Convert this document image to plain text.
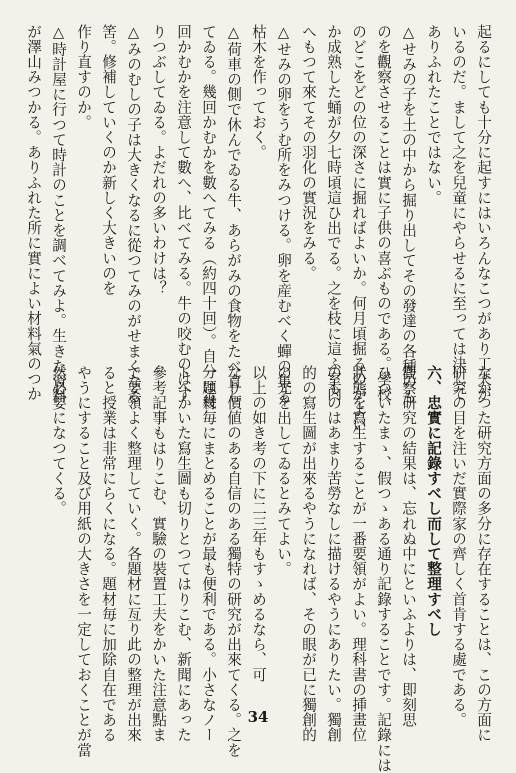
起るにしても十分に起すにはいろんなこつがあり工夫が
いるのだ。まして之を兒童にやらせるに至っては決して
ありふれたことではない。
△せみの子を土の中から掘り出してその發達の各種のも
のを觀察させることは實に子供の喜ぶものである。學校
のどこをどの位の深さに掘ればよいか。何月頃掘るのがよい
か成熟した蛹が夕七時頃這ひ出でる。之を枝に這ふ室内
へもつて來てその羽化の實況をみる。
△せみの卵をうむ所をみつける。卵を産むべく蟬の集る
枯木を作っておく。
△荷車の側で休んでゐる牛、あらがみの食物をたべ直し
てゐる。幾回かむかを數へてみる（約四十回）。自分は幾
回かむかを注意して數へ、比べてみる。牛の咬むのはす
りつぶしてゐる。よだれの多いわけは？
△みのむしの子は大きくなるに從つてみのがせまくなる
筈。修補していくのか新しく大きいのを
作り直すのか。
△時計屋に行つて時計のことを調べてみよ。生きた資料
が澤山みつかる。ありふれた所に實によい材料氣のつか
なかつた研究方面の多分に存在することは、この方面に
研究の目を注いだ實際家の齊しく首肯する處である。
六、忠實に記錄すべし而して整理すべし
觀察研究の結果は、忘れぬ中にといふよりは、即刻思
ひついたまゝ、假つゝある通り記錄することです。記錄には
狀態を寫生することが一番要領がよい。理科書の挿畫位
のものはあまり苦勞なしに描けるやうにありたい。獨創
的の寫生圖が出來るやうになれば、その眼が已に獨創的
の光を出してゐるとみてよい。
以上の如き考の下に二三年もすゝめるなら、可
なり價値のある自信のある獨特の研究が出來てくる。之を
一題材毎にまとめることが最も便利である。小さなノー
トへかいた寫生圖も切りとつてはりこむ、新聞にあった
參考記事もはりこむ、實驗の裝置工夫をかいた注意點ま
で要領よく整理していく。各題材に亙り此の整理が出來
ると授業は非常にらくになる。題材毎に加除自在である
やうにすること及び用紙の大きさを一定しておくことが當
然必要になつてくる。
34
